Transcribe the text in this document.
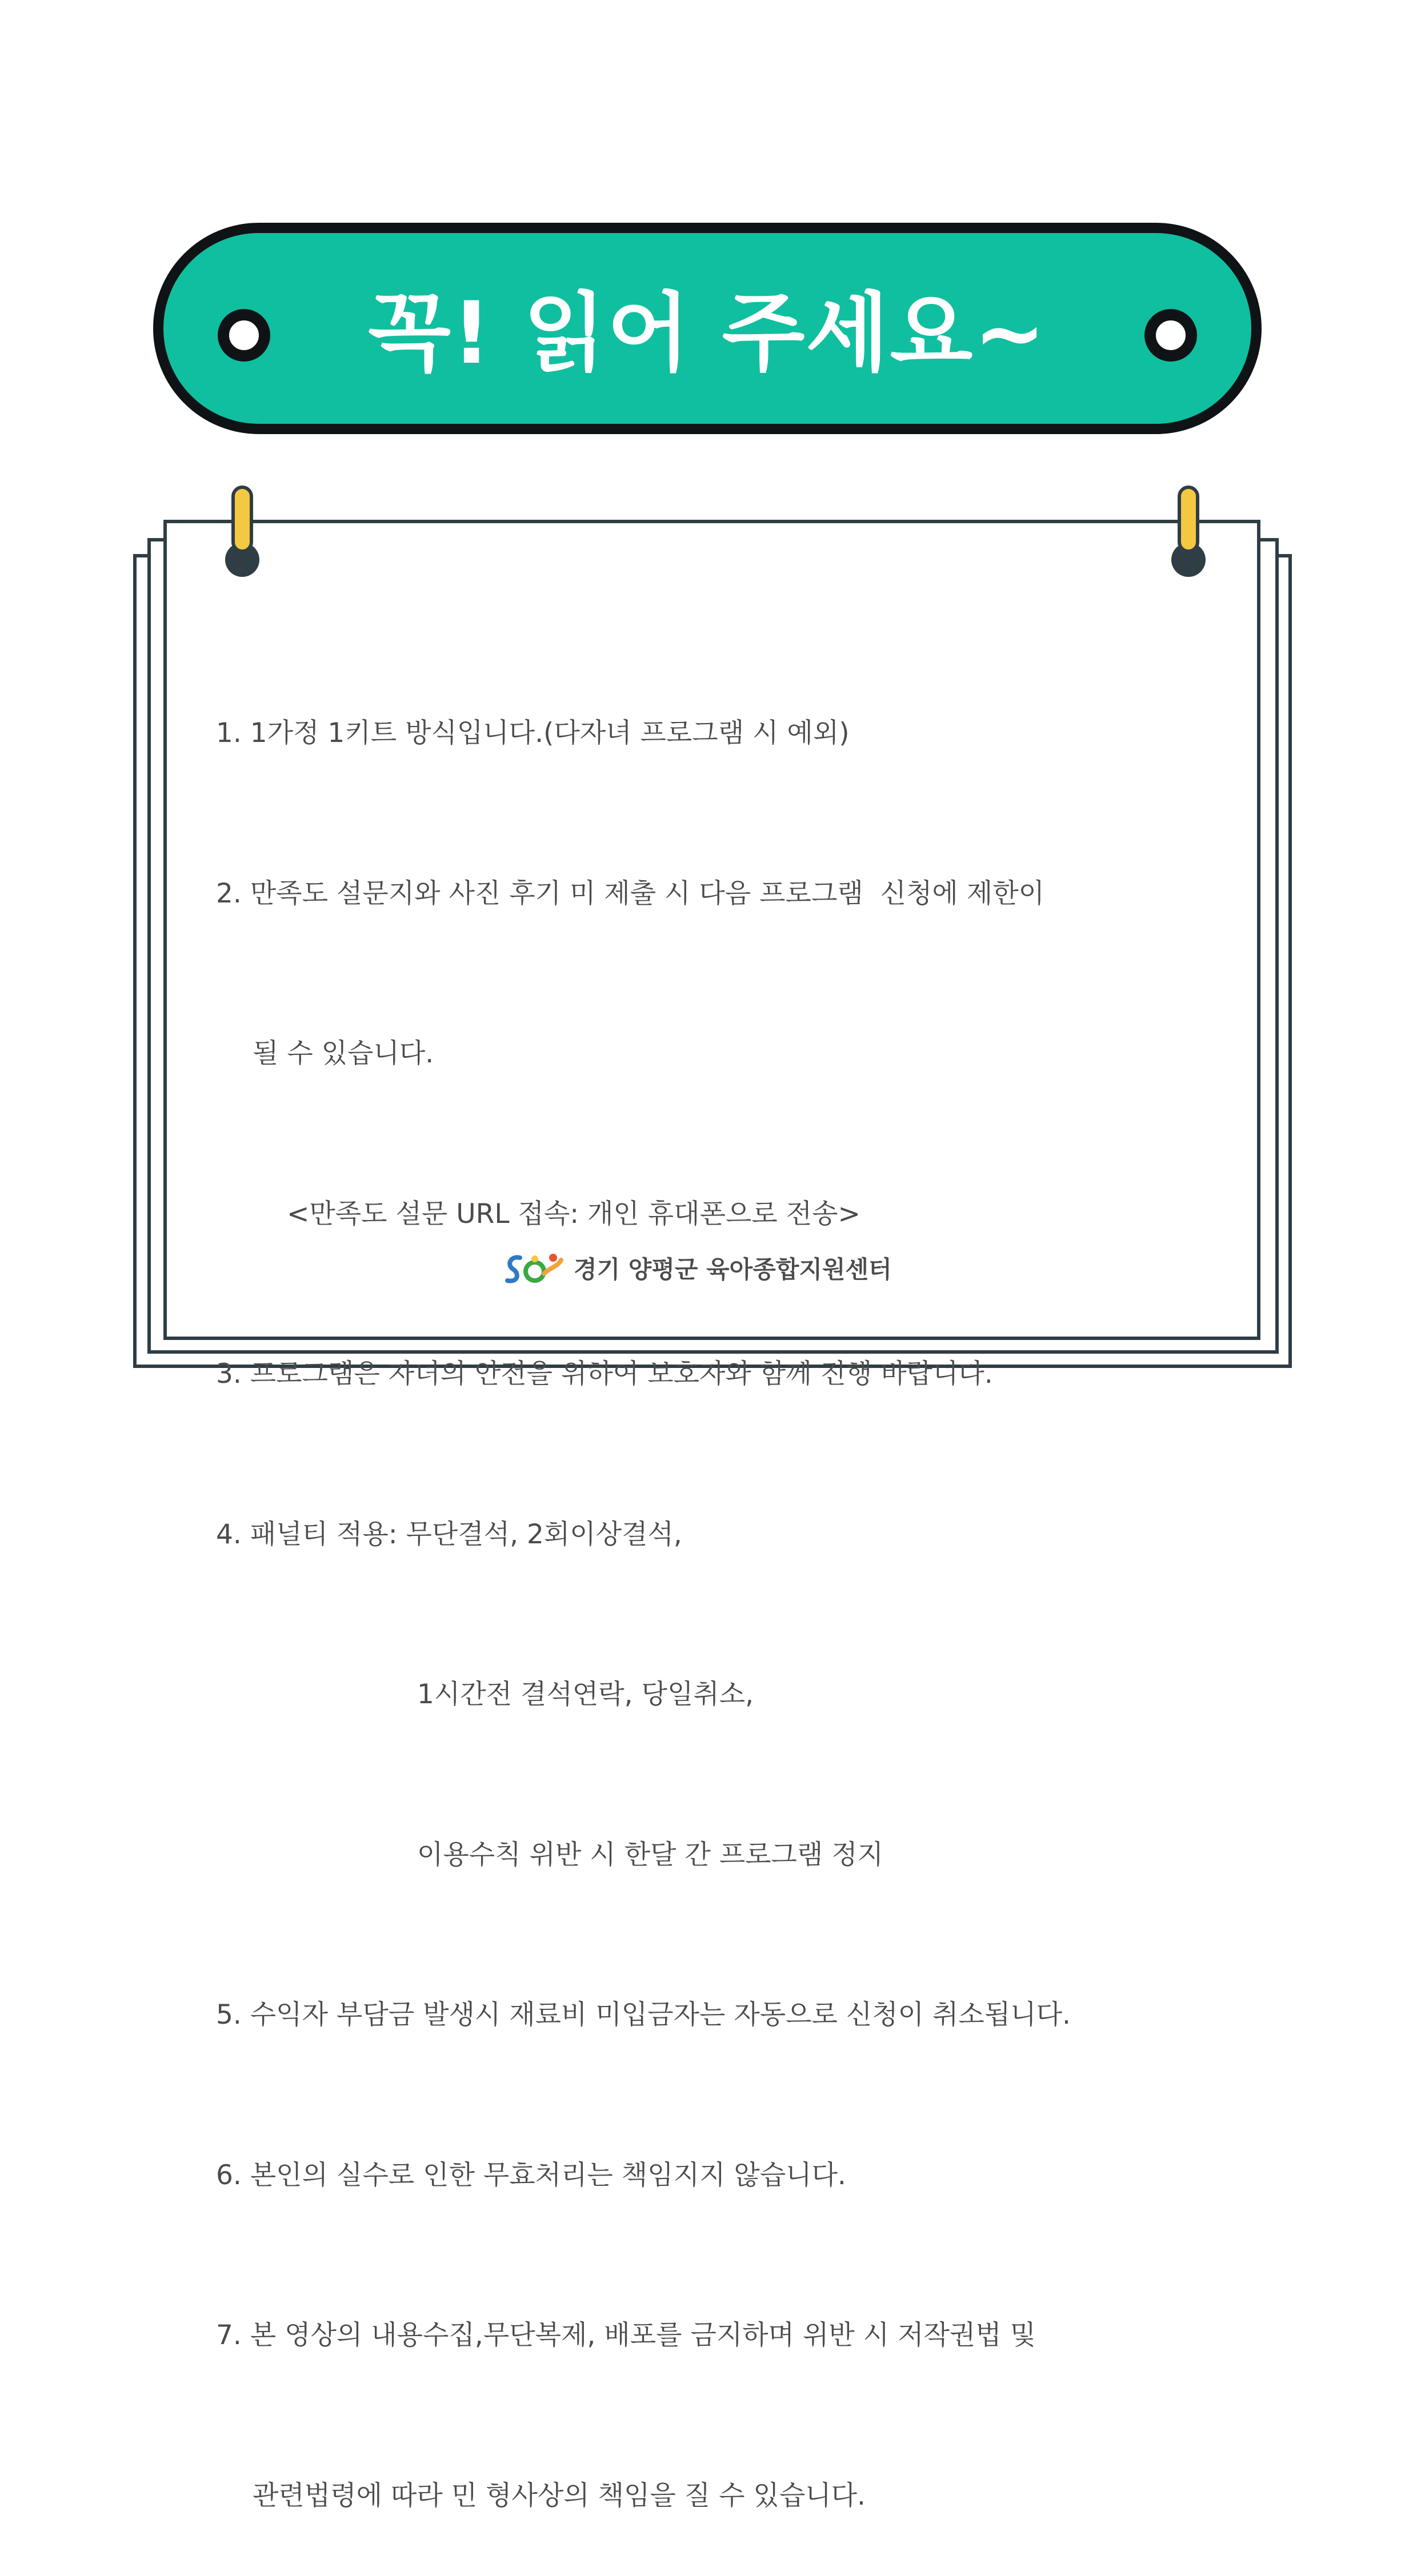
꼭! 읽어 주세요~

1. 1가정 1키트 방식입니다.(다자녀 프로그램 시 예외)

2. 만족도 설문지와 사진 후기 미 제출 시 다음 프로그램  신청에 제한이

될 수 있습니다.

<만족도 설문 URL 접속: 개인 휴대폰으로 전송>

3. 프로그램은 자녀의 안전을 위하여 보호자와 함께 진행 바랍니다.

4. 패널티 적용: 무단결석, 2회이상결석,

1시간전 결석연락, 당일취소,

이용수칙 위반 시 한달 간 프로그램 정지

5. 수익자 부담금 발생시 재료비 미입금자는 자동으로 신청이 취소됩니다.

6. 본인의 실수로 인한 무효처리는 책임지지 않습니다.

7. 본 영상의 내용수집,무단복제, 배포를 금지하며 위반 시 저작권법 및

관련법령에 따라 민 형사상의 책임을 질 수 있습니다.

경기 양평군 육아종합지원센터
